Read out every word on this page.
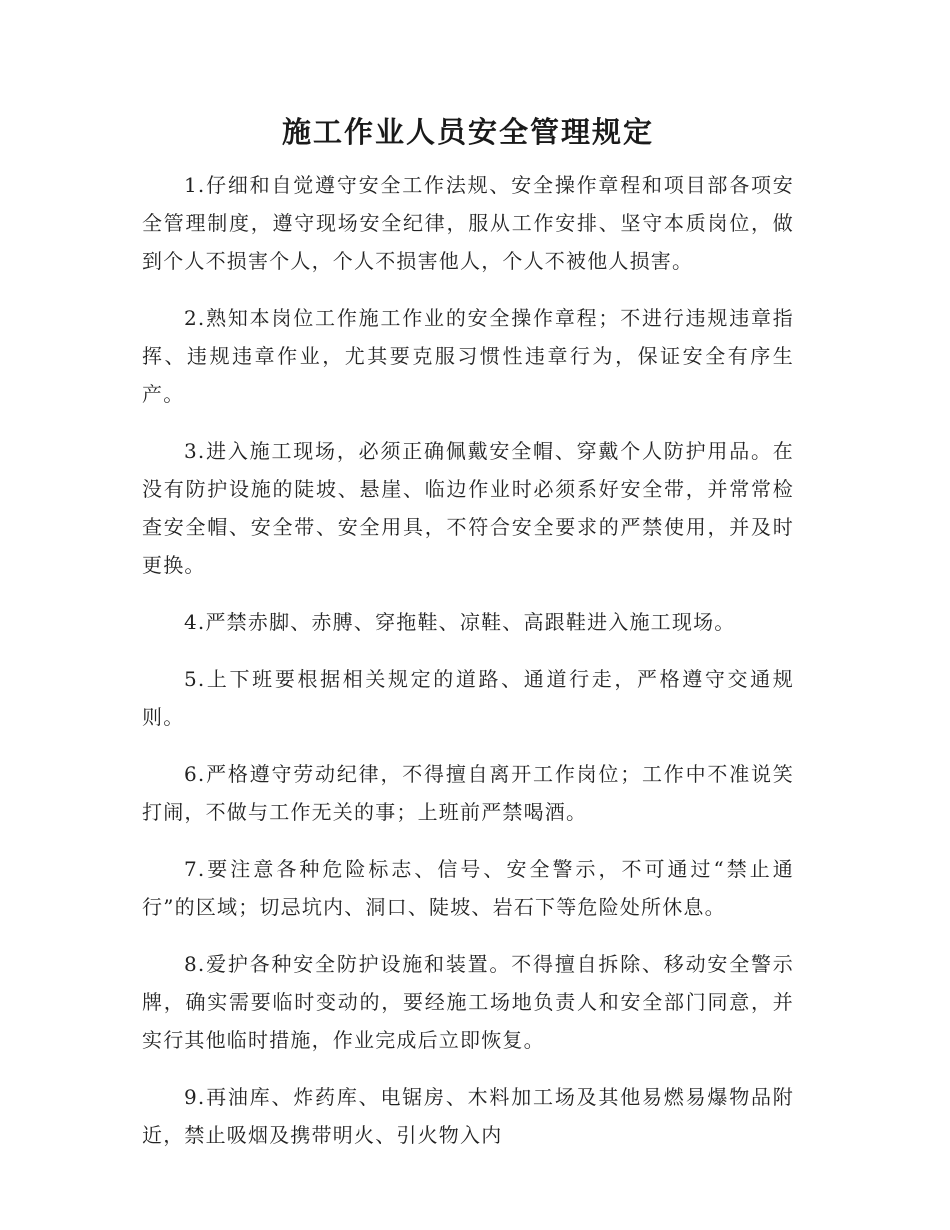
施工作业人员安全管理规定

1.仔细和自觉遵守安全工作法规、安全操作章程和项目部各项安全管理制度，遵守现场安全纪律，服从工作安排、坚守本质岗位，做到个人不损害个人，个人不损害他人，个人不被他人损害。

2.熟知本岗位工作施工作业的安全操作章程；不进行违规违章指挥、违规违章作业，尤其要克服习惯性违章行为，保证安全有序生产。

3.进入施工现场，必须正确佩戴安全帽、穿戴个人防护用品。在没有防护设施的陡坡、悬崖、临边作业时必须系好安全带，并常常检查安全帽、安全带、安全用具，不符合安全要求的严禁使用，并及时更换。

4.严禁赤脚、赤膊、穿拖鞋、凉鞋、高跟鞋进入施工现场。

5.上下班要根据相关规定的道路、通道行走，严格遵守交通规则。

6.严格遵守劳动纪律，不得擅自离开工作岗位；工作中不准说笑打闹，不做与工作无关的事；上班前严禁喝酒。

7.要注意各种危险标志、信号、安全警示，不可通过“禁止通行”的区域；切忌坑内、洞口、陡坡、岩石下等危险处所休息。

8.爱护各种安全防护设施和装置。不得擅自拆除、移动安全警示牌，确实需要临时变动的，要经施工场地负责人和安全部门同意，并实行其他临时措施，作业完成后立即恢复。

9.再油库、炸药库、电锯房、木料加工场及其他易燃易爆物品附近，禁止吸烟及携带明火、引火物入内
